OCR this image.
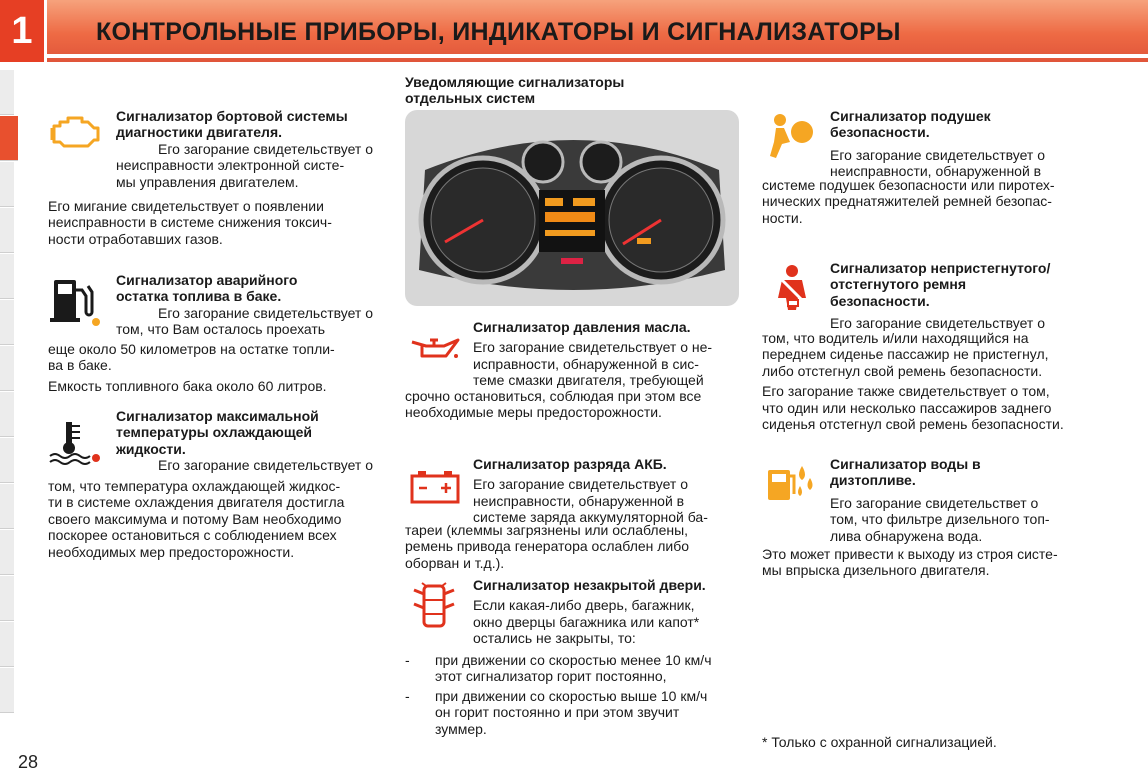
1	КОНТРОЛЬНЫЕ ПРИБОРЫ, ИНДИКАТОРЫ И СИГНАЛИЗАТОРЫ
Сигнализатор бортовой системы
диагностики двигателя.

Его загорание свидетельствует о
неисправности электронной систе-
мы управления двигателем.

Его мигание свидетельствует о появлении
неисправности в системе снижения токсич-
ности отработавших газов.

Сигнализатор аварийного
остатка топлива в баке.

Его загорание свидетельствует о
том, что Вам осталось проехать

еще около 50 километров на остатке топли-
ва в баке.

Емкость топливного бака около 60 литров.

Сигнализатор максимальной
температуры охлаждающей
жидкости.

Его загорание свидетельствует о

том, что температура охлаждающей жидкос-
ти в системе охлаждения двигателя достигла
своего максимума и потому Вам необходимо
поскорее остановиться с соблюдением всех
необходимых мер предосторожности.

Уведомляющие сигнализаторы
отдельных систем
Сигнализатор давления масла.

Его загорание свидетельствует о не-
исправности, обнаруженной в сис-
теме смазки двигателя, требующей

срочно остановиться, соблюдая при этом все
необходимые меры предосторожности.

Сигнализатор разряда АКБ.

Его загорание свидетельствует о
неисправности, обнаруженной в
системе заряда аккумуляторной ба-

тареи (клеммы загрязнены или ослаблены,
ремень привода генератора ослаблен либо
оборван и т.д.).

Сигнализатор незакрытой двери.

Если какая-либо дверь, багажник,
окно дверцы багажника или капот*
остались не закрыты, то:

- при движении со скоростью менее 10 км/ч
этот сигнализатор горит постоянно,
- при движении со скоростью выше 10 км/ч
он горит постоянно и при этом звучит
зуммер.
Сигнализатор подушек
безопасности.

Его загорание свидетельствует о
неисправности, обнаруженной в

системе подушек безопасности или пиротех-
нических преднатяжителей ремней безопас-
ности.

Сигнализатор непристегнутого/
отстегнутого ремня
безопасности.

Его загорание свидетельствует о

том, что водитель и/или находящийся на
переднем сиденье пассажир не пристегнул,
либо отстегнул свой ремень безопасности.

Его загорание также свидетельствует о том,
что один или несколько пассажиров заднего
сиденья отстегнул свой ремень безопасности.

Сигнализатор воды в
дизтопливе.

Его загорание свидетельствет о
том, что фильтре дизельного топ-
лива обнаружена вода.

Это может привести к выходу из строя систе-
мы впрыска дизельного двигателя.

* Только с охранной сигнализацией.
28
